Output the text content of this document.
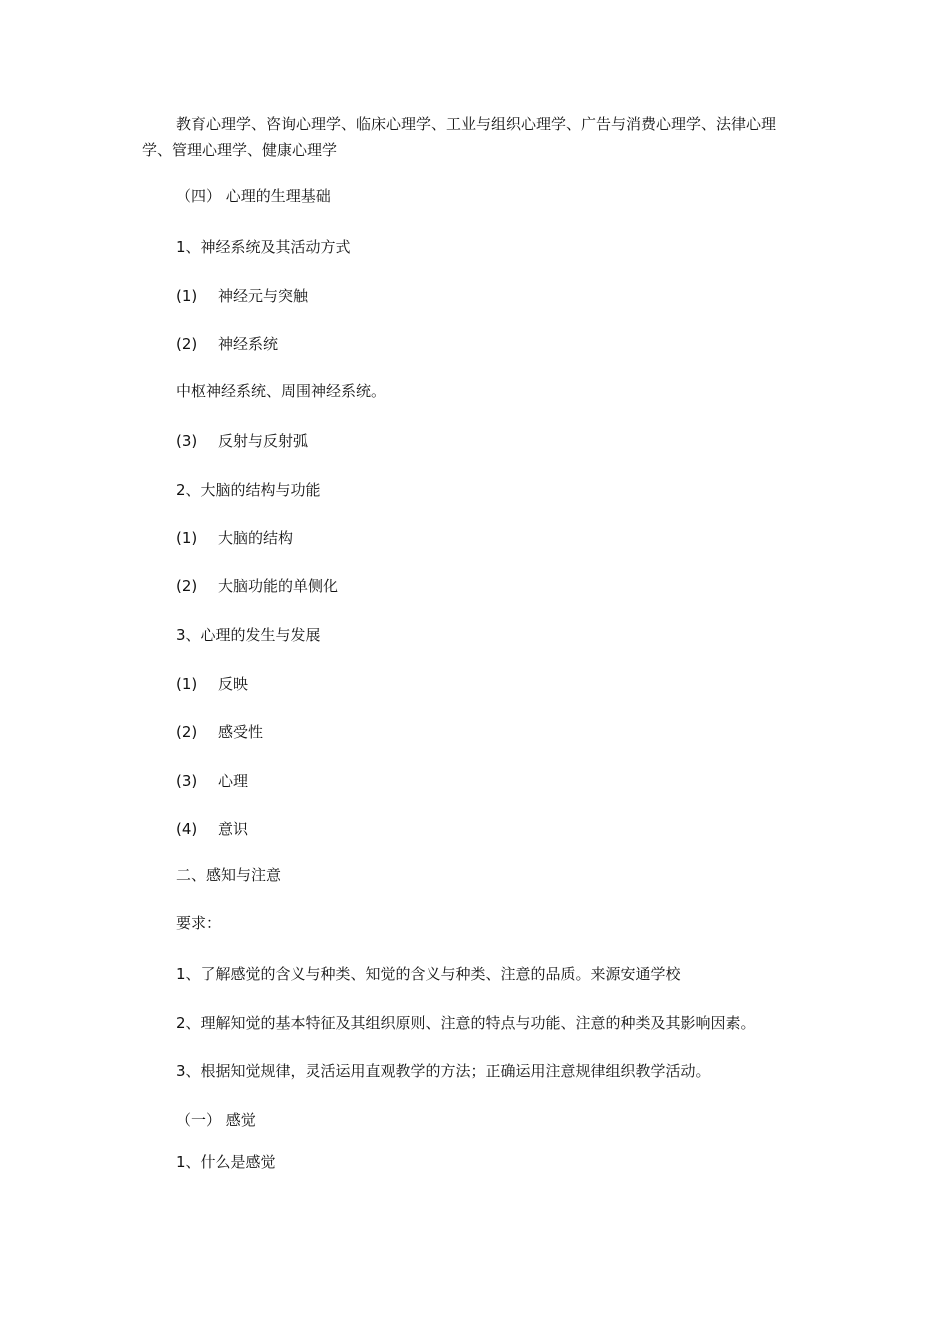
教育心理学、咨询心理学、临床心理学、工业与组织心理学、广告与消费心理学、法律心理学、管理心理学、健康心理学
（四） 心理的生理基础
1、神经系统及其活动方式
(1) 神经元与突触
(2) 神经系统
中枢神经系统、周围神经系统。
(3) 反射与反射弧
2、大脑的结构与功能
(1) 大脑的结构
(2) 大脑功能的单侧化
3、心理的发生与发展
(1) 反映
(2) 感受性
(3) 心理
(4) 意识
二、感知与注意
要求：
1、了解感觉的含义与种类、知觉的含义与种类、注意的品质。来源安通学校
2、理解知觉的基本特征及其组织原则、注意的特点与功能、注意的种类及其影响因素。
3、根据知觉规律，灵活运用直观教学的方法；正确运用注意规律组织教学活动。
（一） 感觉
1、什么是感觉
